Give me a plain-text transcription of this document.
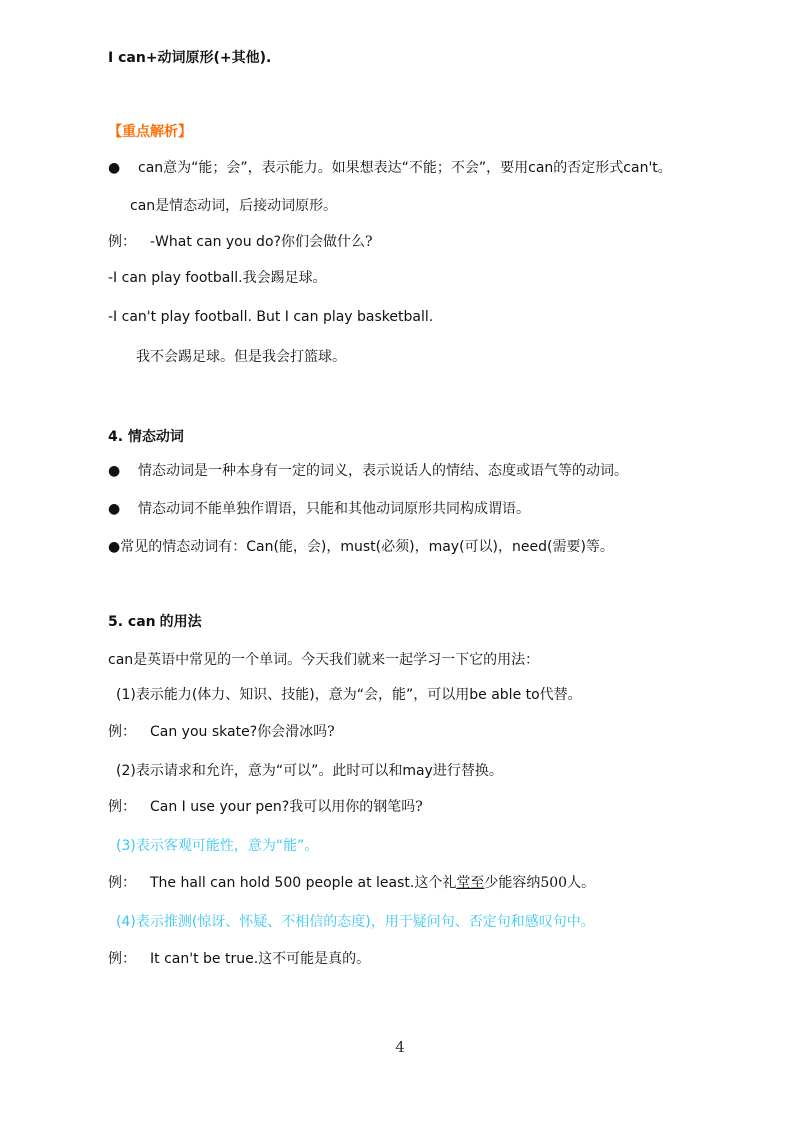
I can+动词原形(+其他).
【重点解析】
● can意为“能；会”，表示能力。如果想表达“不能；不会”，要用can的否定形式can't。
can是情态动词，后接动词原形。
例： -What can you do?你们会做什么?
-I can play football.我会踢足球。
-I can't play football. But I can play basketball.
我不会踢足球。但是我会打篮球。
4. 情态动词
● 情态动词是一种本身有一定的词义，表示说话人的情结、态度或语气等的动词。
● 情态动词不能单独作谓语，只能和其他动词原形共同构成谓语。
●常见的情态动词有：Can(能，会)，must(必须)，may(可以)，need(需要)等。
5. can 的用法
can是英语中常见的一个单词。今天我们就来一起学习一下它的用法：
(1)表示能力(体力、知识、技能)，意为“会，能”，可以用be able to代替。
例： Can you skate?你会滑冰吗?
(2)表示请求和允许，意为“可以”。此时可以和may进行替换。
例： Can I use your pen?我可以用你的钢笔吗?
(3)表示客观可能性，意为“能”。
例： The hall can hold 500 people at least.这个礼堂至少能容纳500人。
(4)表示推测(惊讶、怀疑、不相信的态度)，用于疑问句、否定句和感叹句中。
例： It can't be true.这不可能是真的。
4
